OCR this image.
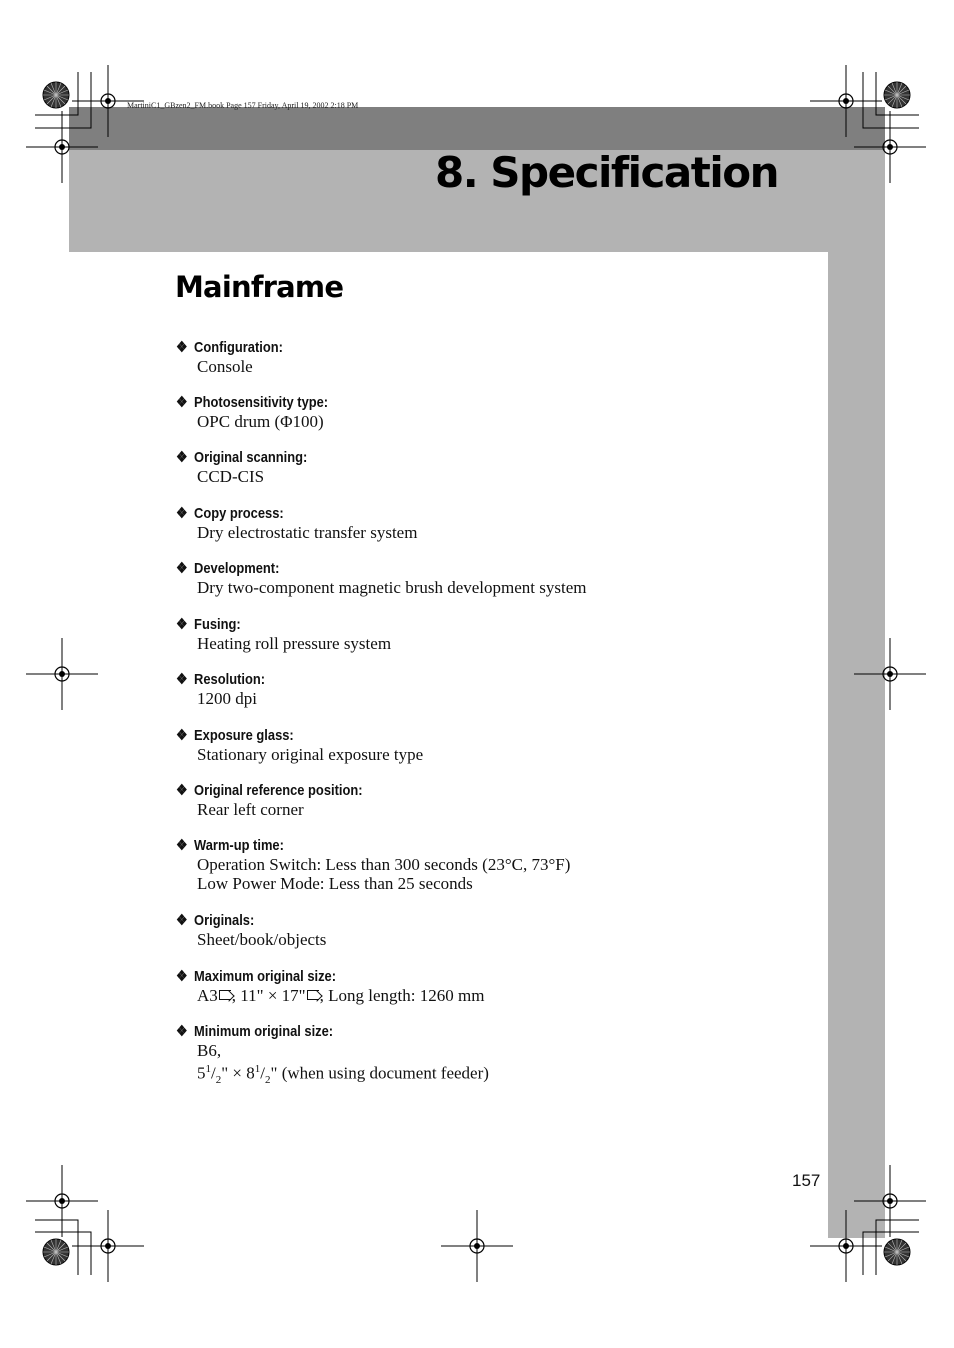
MartiniC1_GBzen2_FM.book Page 157 Friday, April 19, 2002 2:18 PM
8. Specification
Mainframe
❖ Configuration:
Console
❖ Photosensitivity type:
OPC drum (Φ100)
❖ Original scanning:
CCD-CIS
❖ Copy process:
Dry electrostatic transfer system
❖ Development:
Dry two-component magnetic brush development system
❖ Fusing:
Heating roll pressure system
❖ Resolution:
1200 dpi
❖ Exposure glass:
Stationary original exposure type
❖ Original reference position:
Rear left corner
❖ Warm-up time:
Operation Switch: Less than 300 seconds (23°C, 73°F)
Low Power Mode: Less than 25 seconds
❖ Originals:
Sheet/book/objects
❖ Maximum original size:
A3 , 11" × 17" , Long length: 1260 mm
❖ Minimum original size:
B6,
$5^1/_2$" × $8^1/_2$" (when using document feeder)
157
